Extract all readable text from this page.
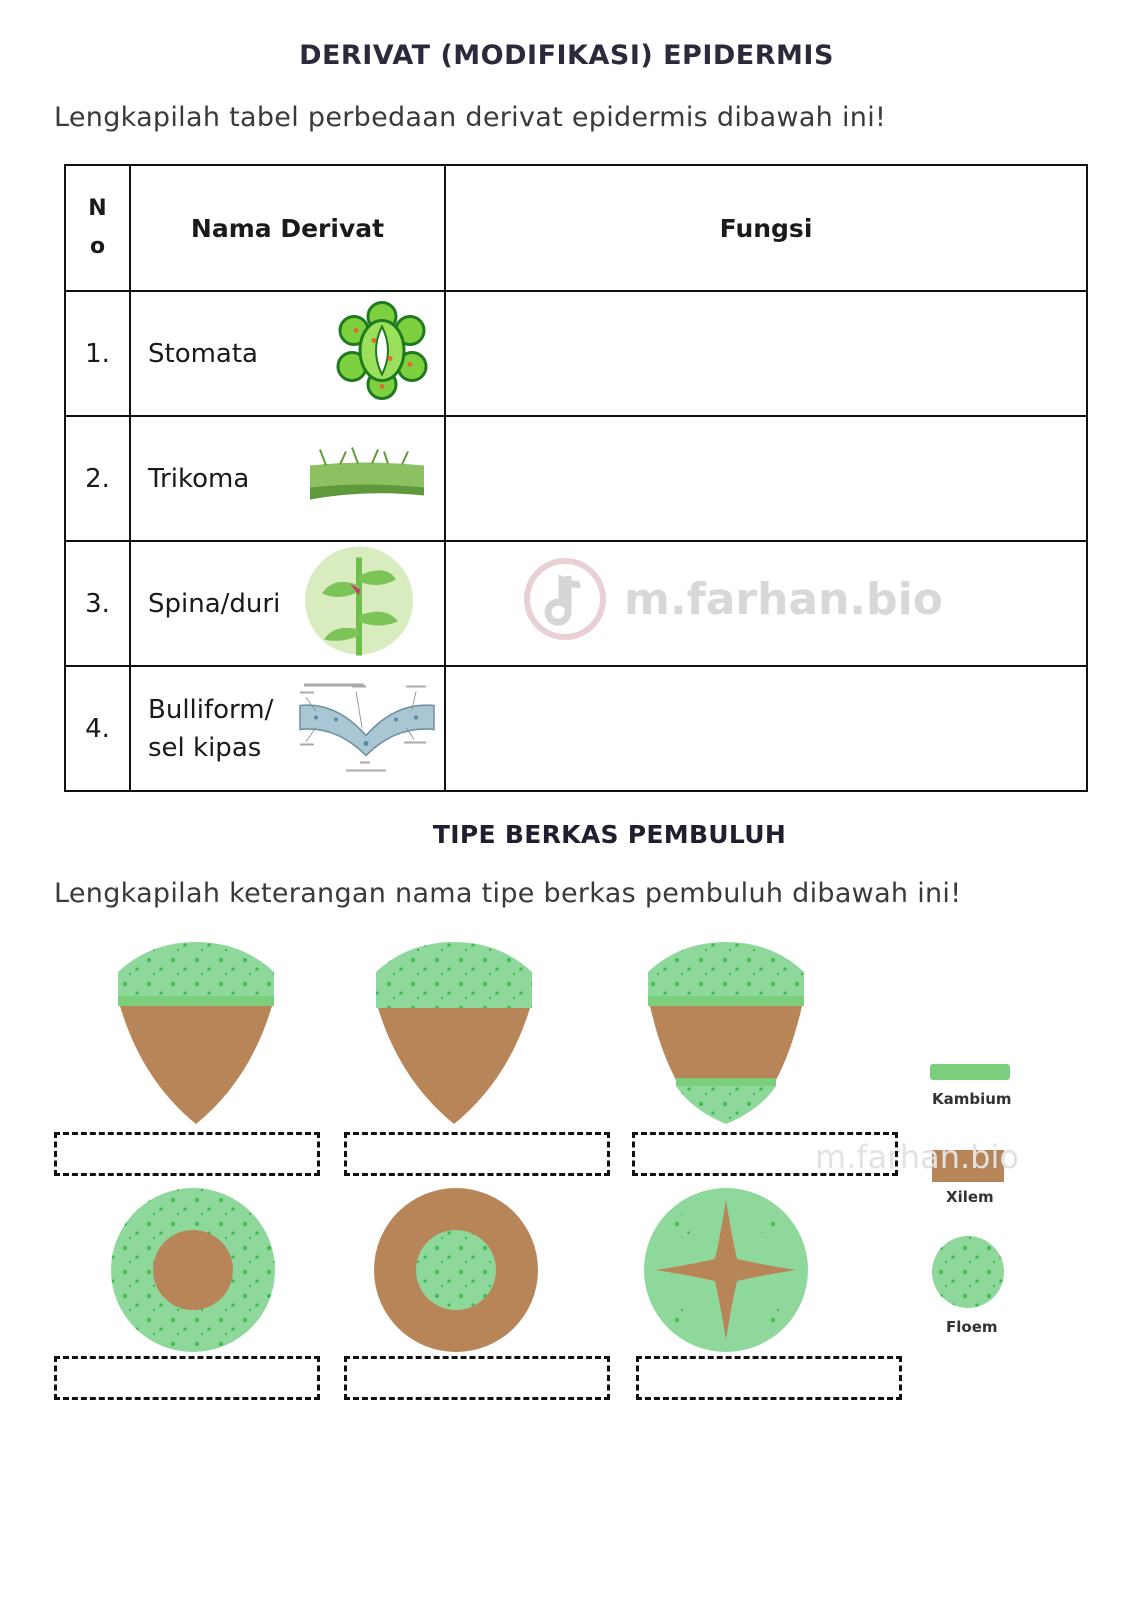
DERIVAT (MODIFIKASI) EPIDERMIS
Lengkapilah tabel perbedaan derivat epidermis dibawah ini!
N
o	Nama Derivat	Fungsi
1.	Stomata	

2.	Trikoma	

3.	Spina/duri	

4.	Bulliform/
sel kipas	

m.farhan.bio
TIPE BERKAS PEMBULUH
Lengkapilah keterangan nama tipe berkas pembuluh dibawah ini!
Kambium
Xilem
Floem
m.farhan.bio
